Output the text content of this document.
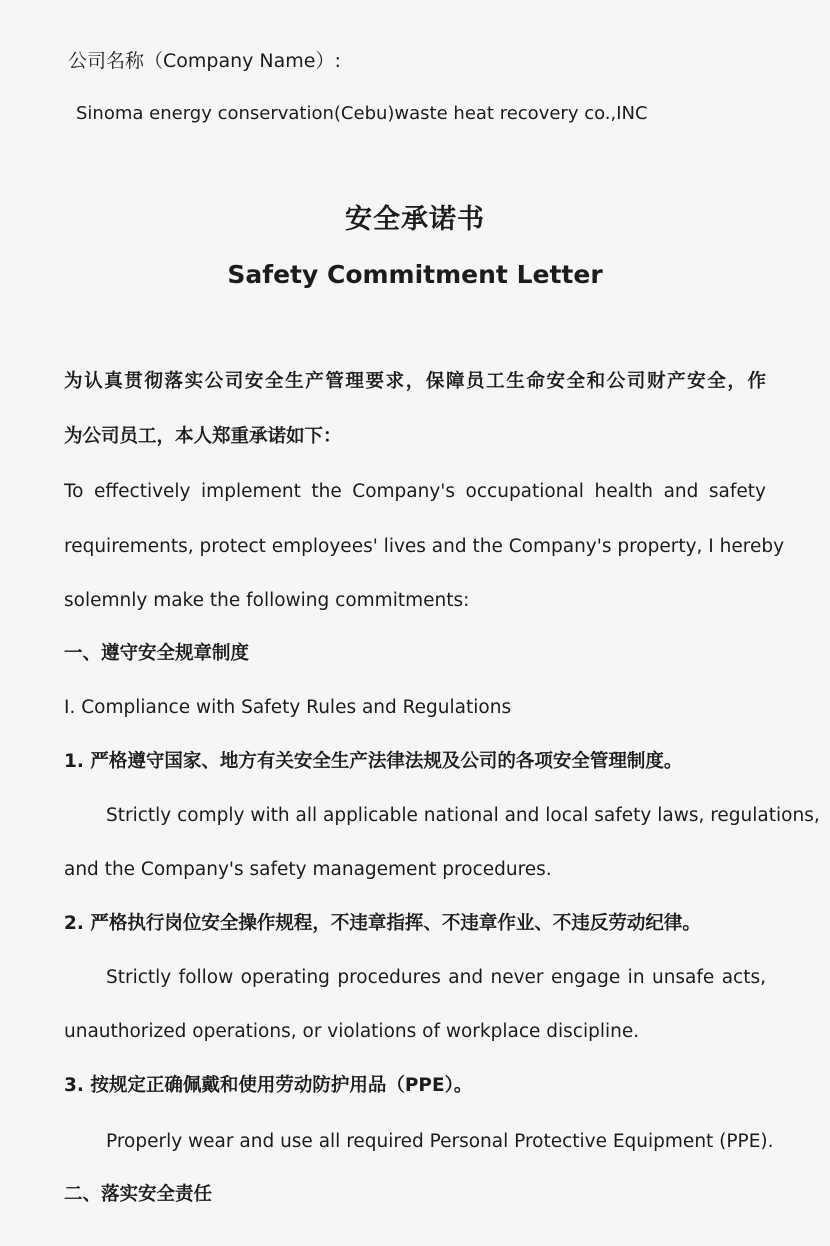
公司名称（Company Name）:
Sinoma energy conservation(Cebu)waste heat recovery co.,INC
安全承诺书
Safety Commitment Letter
为认真贯彻落实公司安全生产管理要求，保障员工生命安全和公司财产安全，作
为公司员工，本人郑重承诺如下：
To effectively implement the Company's occupational health and safety
requirements, protect employees' lives and the Company's property, I hereby
solemnly make the following commitments:
一、遵守安全规章制度
I. Compliance with Safety Rules and Regulations
1. 严格遵守国家、地方有关安全生产法律法规及公司的各项安全管理制度。
Strictly comply with all applicable national and local safety laws, regulations,
and the Company's safety management procedures.
2. 严格执行岗位安全操作规程，不违章指挥、不违章作业、不违反劳动纪律。
Strictly follow operating procedures and never engage in unsafe acts,
unauthorized operations, or violations of workplace discipline.
3. 按规定正确佩戴和使用劳动防护用品（PPE）。
Properly wear and use all required Personal Protective Equipment (PPE).
二、落实安全责任
